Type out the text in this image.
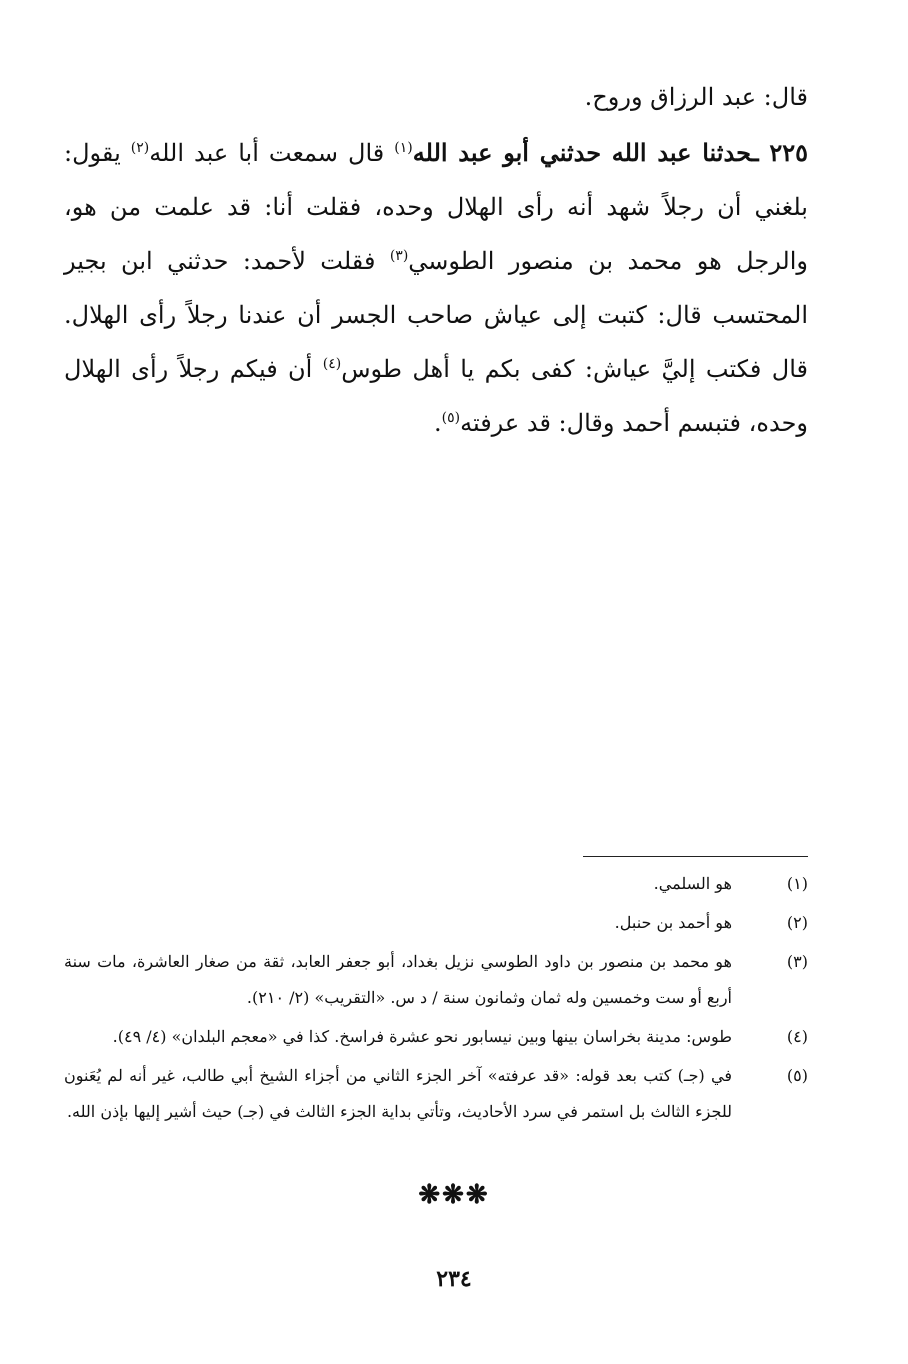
قال: عبد الرزاق وروح.

٢٢٥ ـحدثنا عبد الله حدثني أبو عبد الله$^{(١)}$ قال سمعت أبا عبد الله$^{(٢)}$ يقول: بلغني أن رجلاً شهد أنه رأى الهلال وحده، فقلت أنا: قد علمت من هو، والرجل هو محمد بن منصور الطوسي$^{(٣)}$ فقلت لأحمد: حدثني ابن بجير المحتسب قال: كتبت إلى عياش صاحب الجسر أن عندنا رجلاً رأى الهلال. قال فكتب إليَّ عياش: كفى بكم يا أهل طوس$^{(٤)}$ أن فيكم رجلاً رأى الهلال وحده، فتبسم أحمد وقال: قد عرفته$^{(٥)}$.

(١)
هو السلمي.
(٢)
هو أحمد بن حنبل.
(٣)
هو محمد بن منصور بن داود الطوسي نزيل بغداد، أبو جعفر العابد، ثقة من صغار العاشرة، مات سنة أربع أو ست وخمسين وله ثمان وثمانون سنة / د س. «التقريب» (٢/ ٢١٠).
(٤)
طوس: مدينة بخراسان بينها وبين نيسابور نحو عشرة فراسخ. كذا في «معجم البلدان» (٤/ ٤٩).
(٥)
في (جـ) كتب بعد قوله: «قد عرفته» آخر الجزء الثاني من أجزاء الشيخ أبي طالب، غير أنه لم يُعَنون للجزء الثالث بل استمر في سرد الأحاديث، وتأتي بداية الجزء الثالث في (جـ) حيث أشير إليها بإذن الله.
❋❋❋
٢٣٤
